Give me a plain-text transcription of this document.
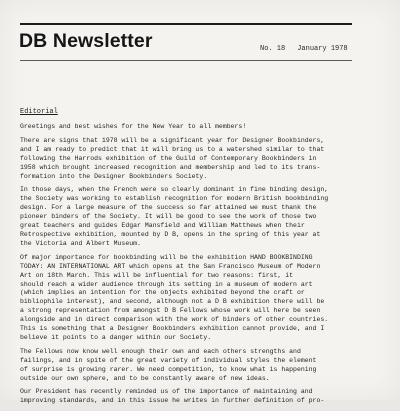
DB Newsletter	No. 18 January 1978
Editorial
Greetings and best wishes for the New Year to all members!
There are signs that 1978 will be a significant year for Designer Bookbinders,
and I am ready to predict that it will bring us to a watershed similar to that
following the Harrods exhibition of the Guild of Contemporary Bookbinders in
1958 which brought increased recognition and membership and led to its trans-
formation into the Designer Bookbinders Society.
In those days, when the French were so clearly dominant in fine binding design,
the Society was working to establish recognition for modern British bookbinding
design. For a large measure of the success so far attained we must thank the
pioneer binders of the Society. It will be good to see the work of those two
great teachers and guides Edgar Mansfield and William Matthews when their
Retrospective exhibition, mounted by D B, opens in the spring of this year at
the Victoria and Albert Museum.
Of major importance for bookbinding will be the exhibition HAND BOOKBINDING
TODAY: AN INTERNATIONAL ART which opens at the San Francisco Museum of Modern
Art on 18th March. This will be influential for two reasons: first, it
should reach a wider audience through its setting in a museum of modern art
(which implies an intention for the objects exhibited beyond the craft or
bibliophile interest), and second, although not a D B exhibition there will be
a strong representation from amongst D B Fellows whose work will here be seen
alongside and in direct comparison with the work of binders of other countries.
This is something that a Designer Bookbinders exhibition cannot provide, and I
believe it points to a danger within our Society.
The Fellows now know well enough their own and each others strengths and
failings, and in spite of the great variety of individual styles the element
of surprise is growing rarer. We need competition, to know what is happening
outside our own sphere, and to be constantly aware of new ideas.
Our President has recently reminded us of the importance of maintaining and
improving standards, and in this issue he writes in further definition of pro-
